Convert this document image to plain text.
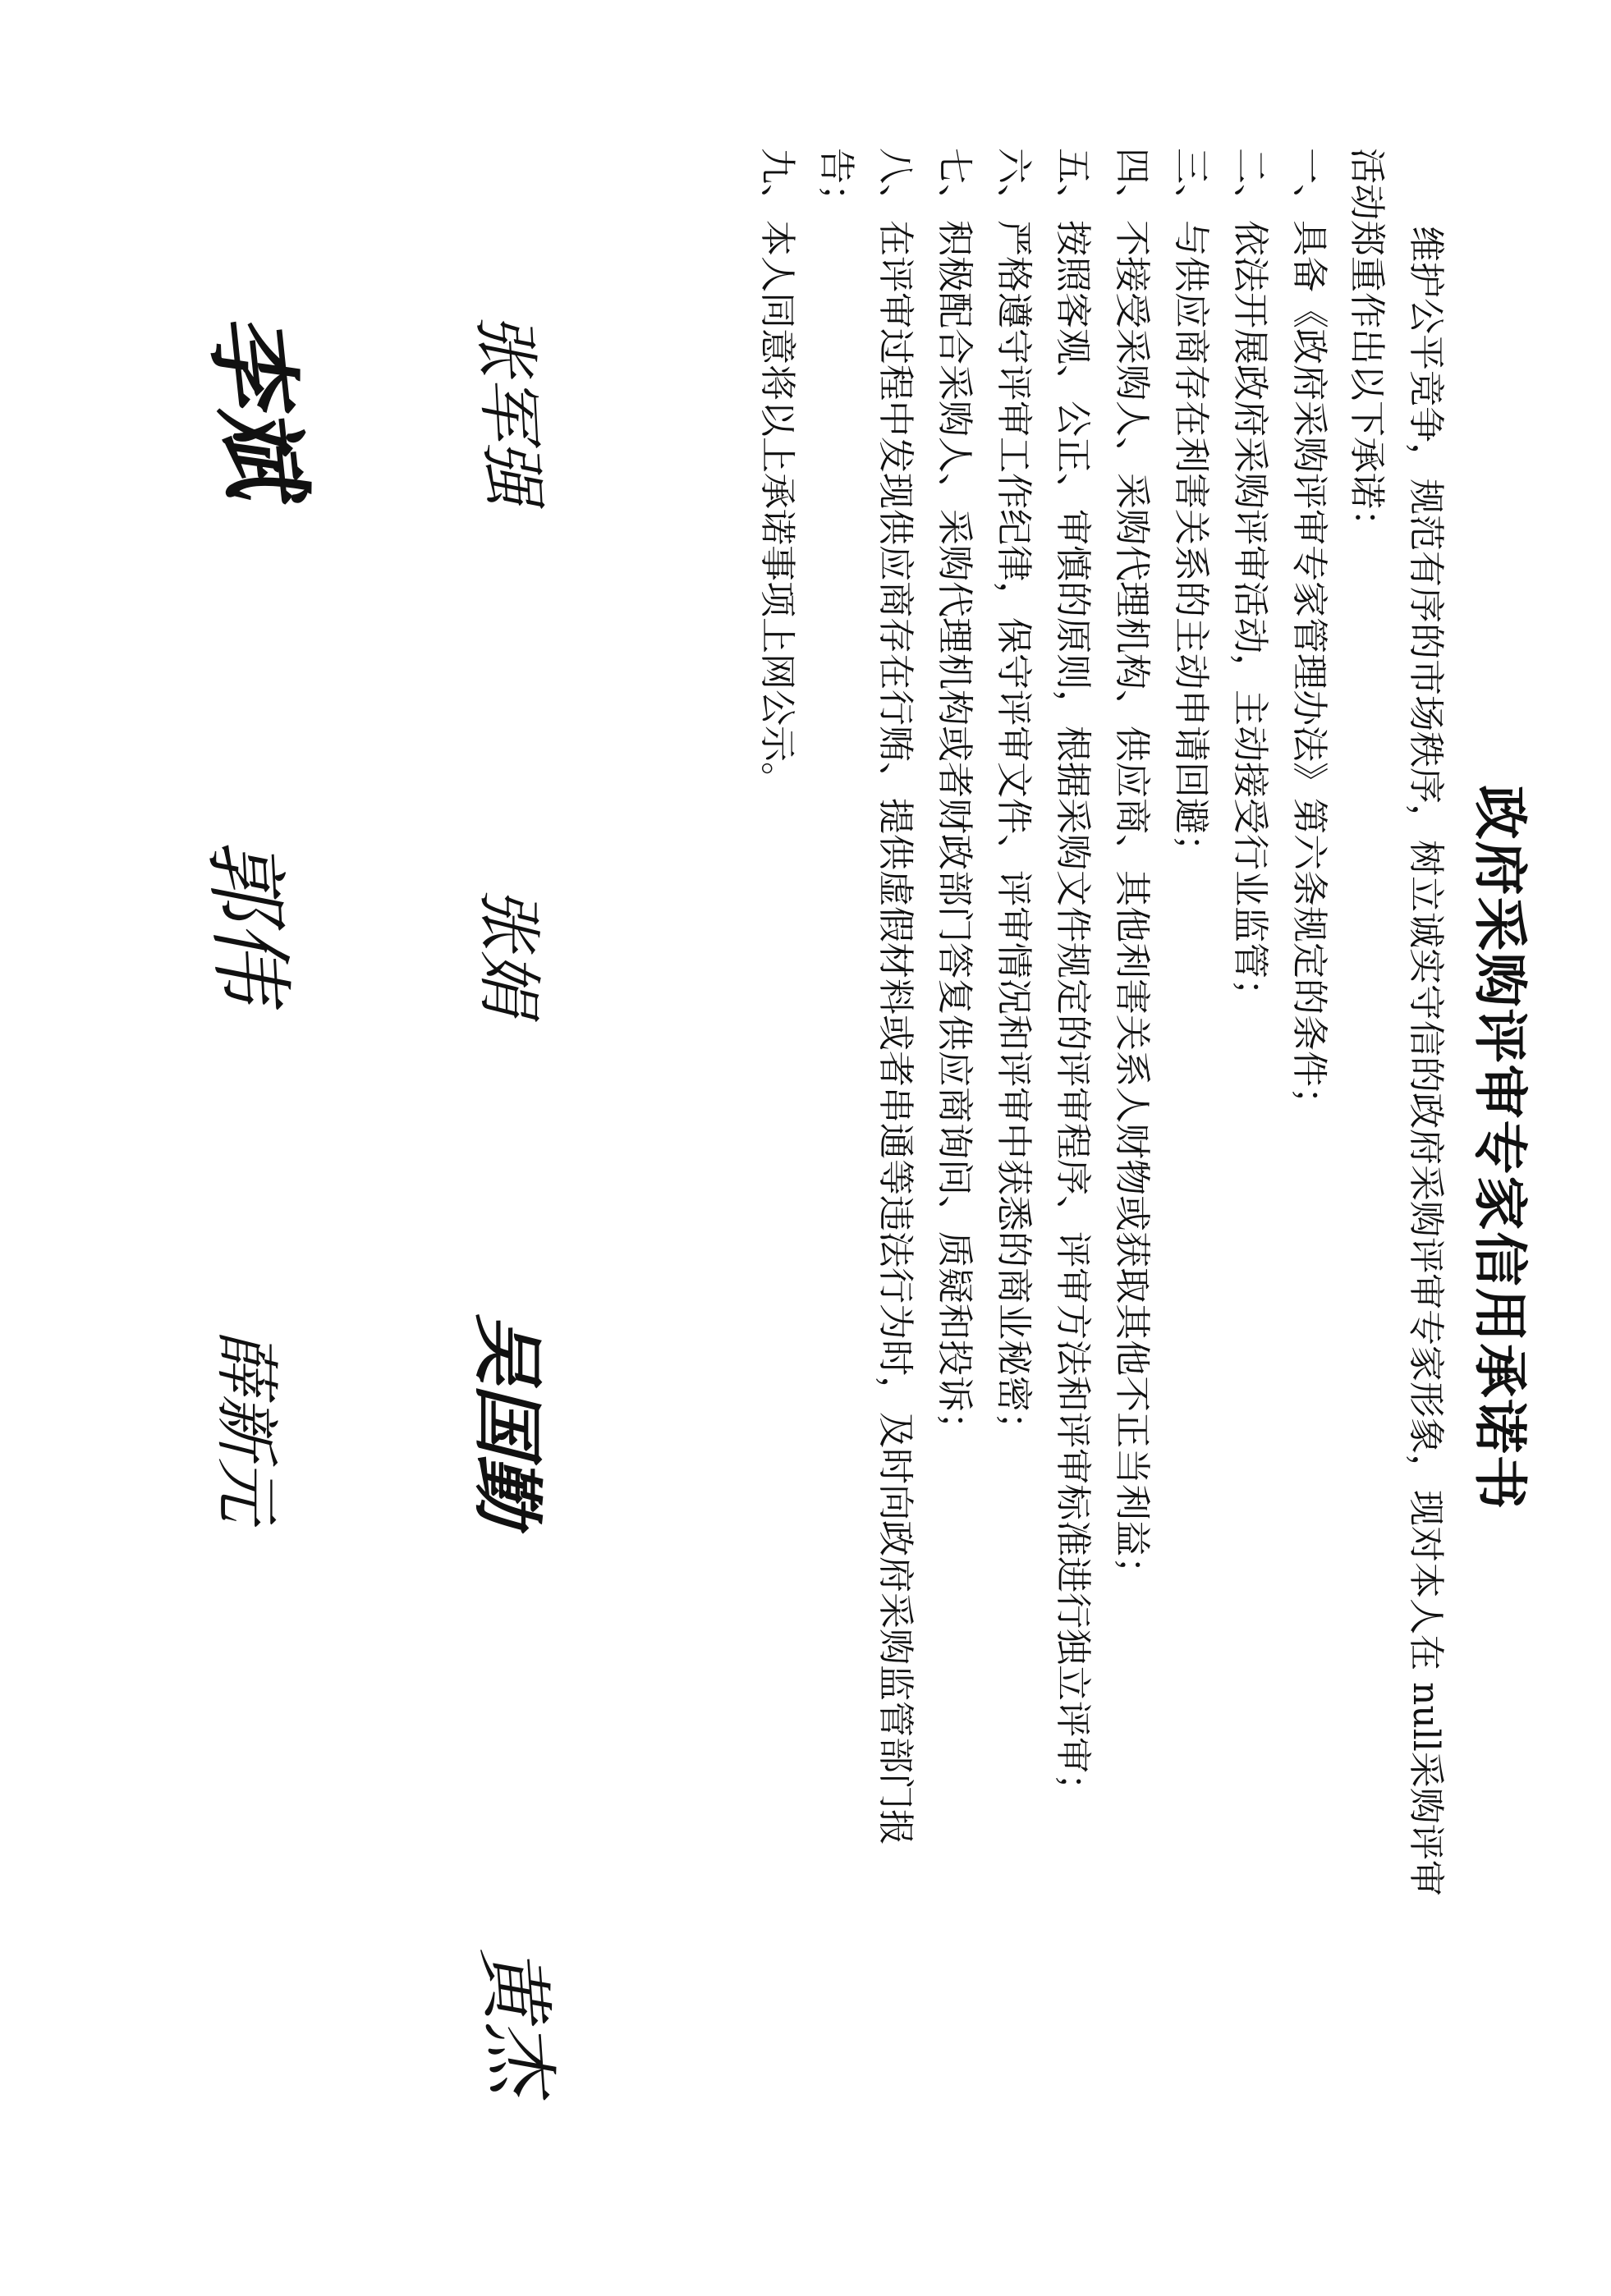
政府采购评审专家信用承诺书
维护公平竞争，规范有序的市场秩序，树立诚实守信的政府采购评审专家形象，现对本人在 null采购评审
活动郑重作出以下承诺：
一、具备《政府采购评审专家管理办法》第六条规定的条件；
二、依法开展政府采购评审活动，主动接受行业监管；
三、与供应商存在利害关系的主动申请回避；
四、不接受采购人、采购代理机构、供应商、其他利害关系人财物或获取其他不正当利益；
五、按照客观、公正、审慎的原则，根据采购文件规定的评审程序、评审方法和评审标准进行独立评审；
六、严格遵守评审工作纪律，保守评审文件、评审情况和评审中获悉的商业秘密；
七、积极配合采购人、采购代理机构或者财政部门答复供应商询问、质疑和投诉；
八、在评审过程中发现供应商存在行贿、提供虚假材料或者串通等违法行为时，及时向政府采购监管部门报
告；
九、本人同意将以上承诺事项上网公示。
张军强
张娟
吴国勤
黄杰
李斌
郭伟
薛新元
